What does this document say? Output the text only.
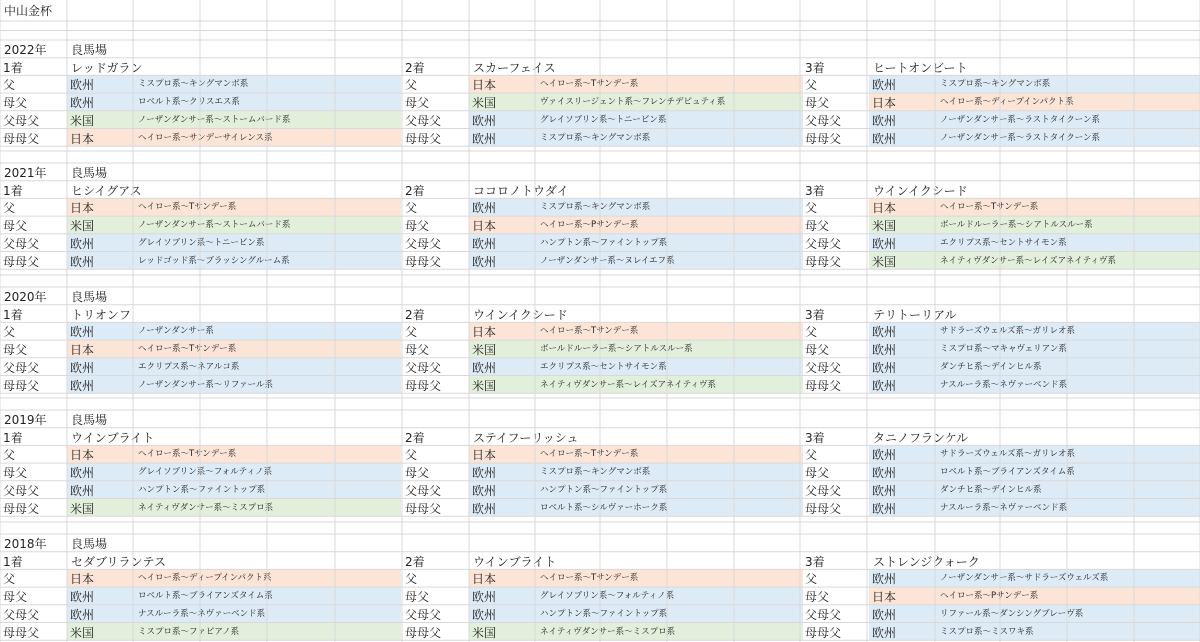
中山金杯
2022年 良馬場
1着	レッドガラン	2着	スカーフェイス	3着	ヒートオンビート
父	欧州	ミスプロ系～キングマンボ系	父	日本	ヘイロー系～Tサンデー系	父	欧州	ミスプロ系～キングマンボ系
母父	欧州	ロベルト系～クリスエス系	母父	米国	ヴァイスリージェント系～フレンチデピュティ系	母父	日本	ヘイロー系～ディープインパクト系
父母父	米国	ノーザンダンサー系～ストームバード系	父母父	欧州	グレイソブリン系～トニービン系	父母父	欧州	ノーザンダンサー系～ラストタイクーン系
母母父	日本	ヘイロー系～サンデーサイレンス系	母母父	欧州	ミスプロ系～キングマンボ系	母母父	欧州	ノーザンダンサー系～ラストタイクーン系
2021年 良馬場
1着	ヒシイグアス	2着	ココロノトウダイ	3着	ウインイクシード
父	日本	ヘイロー系～Tサンデー系	父	欧州	ミスプロ系～キングマンボ系	父	日本	ヘイロー系～Tサンデー系
母父	米国	ノーザンダンサー系～ストームバード系	母父	日本	ヘイロー系～Pサンデー系	母父	米国	ボールドルーラー系～シアトルスルー系
父母父	欧州	グレイソブリン系～トニービン系	父母父	欧州	ハンプトン系～ファイントップ系	父母父	欧州	エクリプス系～セントサイモン系
母母父	欧州	レッドゴッド系～ブラッシングルーム系	母母父	欧州	ノーザンダンサー系～ヌレイエフ系	母母父	米国	ネイティヴダンサー系～レイズアネイティヴ系
2020年 良馬場
1着	トリオンフ	2着	ウインイクシード	3着	テリトーリアル
父	欧州	ノーザンダンサー系	父	日本	ヘイロー系～Tサンデー系	父	欧州	サドラーズウェルズ系～ガリレオ系
母父	日本	ヘイロー系～Tサンデー系	母父	米国	ボールドルーラー系～シアトルスルー系	母父	欧州	ミスプロ系～マキャヴェリアン系
父母父	欧州	エクリプス系～ネアルコ系	父母父	欧州	エクリプス系～セントサイモン系	父母父	欧州	ダンチヒ系～デインヒル系
母母父	欧州	ノーザンダンサー系～リファール系	母母父	米国	ネイティヴダンサー系～レイズアネイティヴ系	母母父	欧州	ナスルーラ系～ネヴァーベンド系
2019年 良馬場
1着	ウインブライト	2着	ステイフーリッシュ	3着	タニノフランケル
父	日本	ヘイロー系～Tサンデー系	父	日本	ヘイロー系～Tサンデー系	父	欧州	サドラーズウェルズ系～ガリレオ系
母父	欧州	グレイソブリン系～フォルティノ系	母父	欧州	ミスプロ系～キングマンボ系	母父	欧州	ロベルト系～ブライアンズタイム系
父母父	欧州	ハンプトン系～ファイントップ系	父母父	欧州	ハンプトン系～ファイントップ系	父母父	欧州	ダンチヒ系～デインヒル系
母母父	米国	ネイティヴダンサー系～ミスプロ系	母母父	欧州	ロベルト系～シルヴァーホーク系	母母父	欧州	ナスルーラ系～ネヴァーベンド系
2018年 良馬場
1着	セダブリランテス	2着	ウインブライト	3着	ストレンジクォーク
父	日本	ヘイロー系～ディープインパクト系	父	日本	ヘイロー系～Tサンデー系	父	欧州	ノーザンダンサー系～サドラーズウェルズ系
母父	欧州	ロベルト系～ブライアンズタイム系	母父	欧州	グレイソブリン系～フォルティノ系	母父	日本	ヘイロー系～Pサンデー系
父母父	欧州	ナスルーラ系～ネヴァーベンド系	父母父	欧州	ハンプトン系～ファイントップ系	父母父	欧州	リファール系～ダンシングブレーヴ系
母母父	米国	ミスプロ系～ファピアノ系	母母父	米国	ネイティヴダンサー系～ミスプロ系	母母父	欧州	ミスプロ系～ミスワキ系
